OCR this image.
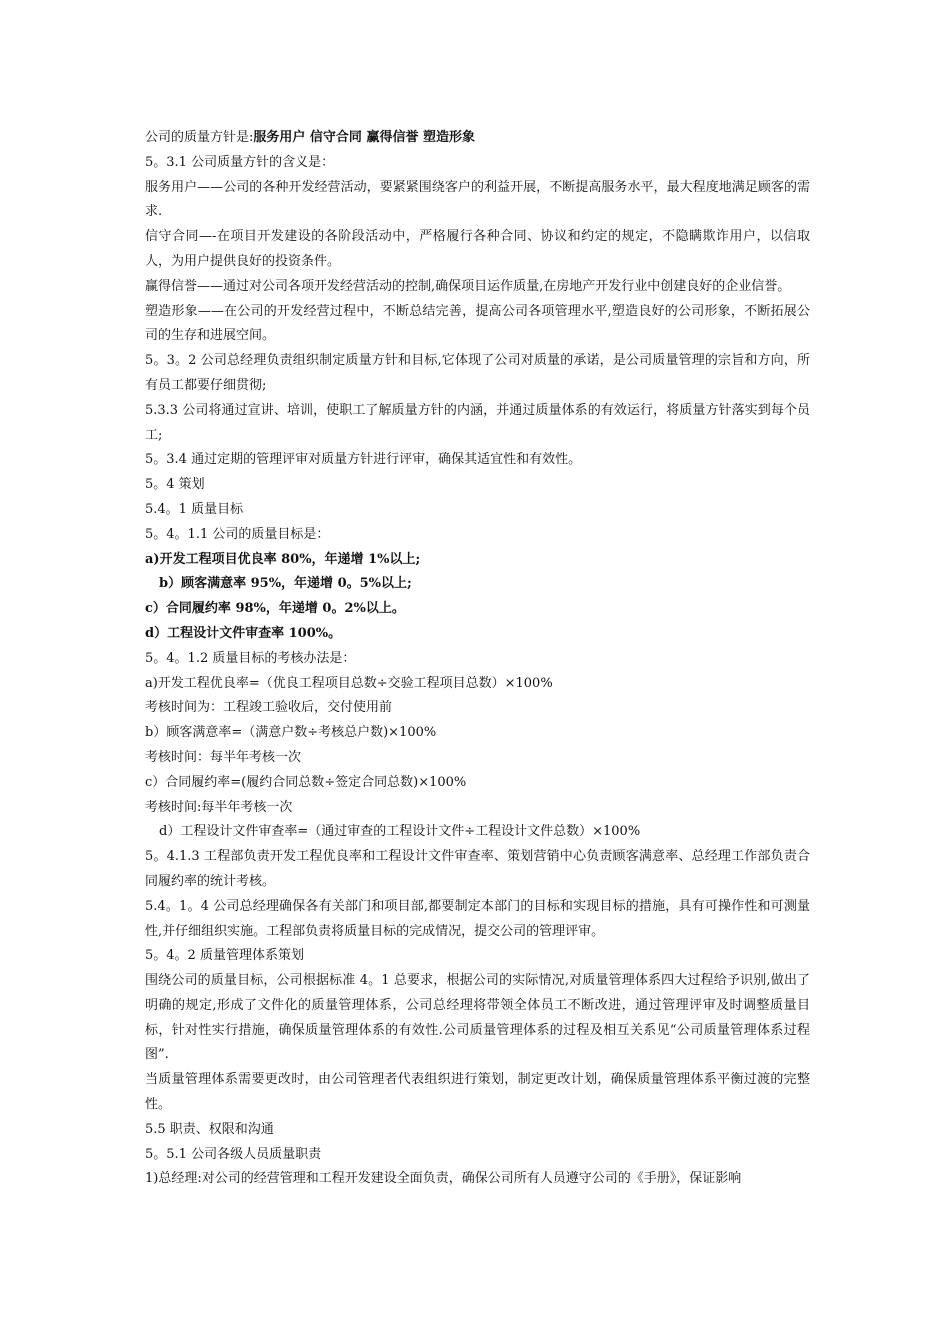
公司的质量方针是:服务用户 信守合同 赢得信誉 塑造形象

5。3.1 公司质量方针的含义是：

服务用户——公司的各种开发经营活动，要紧紧围绕客户的利益开展，不断提高服务水平，最大程度地满足顾客的需求.

信守合同—-在项目开发建设的各阶段活动中，严格履行各种合同、协议和约定的规定，不隐瞒欺诈用户，以信取人，为用户提供良好的投资条件。

赢得信誉——通过对公司各项开发经营活动的控制,确保项目运作质量,在房地产开发行业中创建良好的企业信誉。

塑造形象——在公司的开发经营过程中，不断总结完善，提高公司各项管理水平,塑造良好的公司形象，不断拓展公司的生存和进展空间。

5。3。2 公司总经理负责组织制定质量方针和目标,它体现了公司对质量的承诺，是公司质量管理的宗旨和方向，所有员工都要仔细贯彻;

5.3.3 公司将通过宣讲、培训，使职工了解质量方针的内涵，并通过质量体系的有效运行，将质量方针落实到每个员工;

5。3.4 通过定期的管理评审对质量方针进行评审，确保其适宜性和有效性。

5。4 策划

5.4。1 质量目标

5。4。1.1 公司的质量目标是：

a)开发工程项目优良率 80%，年递增 1%以上;

b）顾客满意率 95%，年递增 0。5%以上;

c）合同履约率 98%，年递增 0。2%以上。

d）工程设计文件审查率 100%。

5。4。1.2 质量目标的考核办法是：

a)开发工程优良率=（优良工程项目总数÷交验工程项目总数）×100%

考核时间为：工程竣工验收后，交付使用前

b）顾客满意率=（满意户数÷考核总户数)×100%

考核时间：每半年考核一次

c）合同履约率=(履约合同总数÷签定合同总数)×100%

考核时间:每半年考核一次

d）工程设计文件审查率=（通过审查的工程设计文件÷工程设计文件总数）×100%

5。4.1.3 工程部负责开发工程优良率和工程设计文件审查率、策划营销中心负责顾客满意率、总经理工作部负责合同履约率的统计考核。

5.4。1。4 公司总经理确保各有关部门和项目部,都要制定本部门的目标和实现目标的措施，具有可操作性和可测量性,并仔细组织实施。工程部负责将质量目标的完成情况，提交公司的管理评审。

5。4。2 质量管理体系策划

围绕公司的质量目标，公司根据标准 4。1 总要求，根据公司的实际情况,对质量管理体系四大过程给予识别,做出了明确的规定,形成了文件化的质量管理体系，公司总经理将带领全体员工不断改进，通过管理评审及时调整质量目标，针对性实行措施，确保质量管理体系的有效性.公司质量管理体系的过程及相互关系见“公司质量管理体系过程图”.

当质量管理体系需要更改时，由公司管理者代表组织进行策划，制定更改计划，确保质量管理体系平衡过渡的完整性。

5.5 职责、权限和沟通

5。5.1 公司各级人员质量职责

1)总经理:对公司的经营管理和工程开发建设全面负责，确保公司所有人员遵守公司的《手册》，保证影响
